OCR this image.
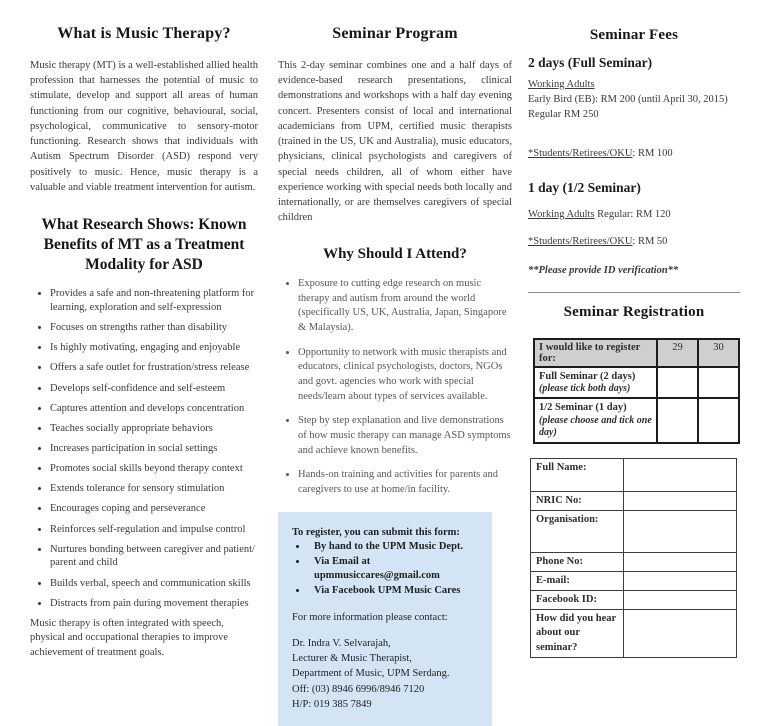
What is Music Therapy?

Music therapy (MT) is a well-established allied health profession that harnesses the potential of music to stimulate, develop and support all areas of human functioning from our cognitive, behavioural, social, psychological, communicative to sensory-motor functioning. Research shows that individuals with Autism Spectrum Disorder (ASD) respond very positively to music. Hence, music therapy is a valuable and viable treatment intervention for autism.

What Research Shows: Known Benefits of MT as a Treatment Modality for ASD
• Provides a safe and non-threatening platform for learning, exploration and self-expression
• Focuses on strengths rather than disability
• Is highly motivating, engaging and enjoyable
• Offers a safe outlet for frustration/stress release
• Develops self-confidence and self-esteem
• Captures attention and develops concentration
• Teaches socially appropriate behaviors
• Increases participation in social settings
• Promotes social skills beyond therapy context
• Extends tolerance for sensory stimulation
• Encourages coping and perseverance
• Reinforces self-regulation and impulse control
• Nurtures bonding between caregiver and patient/ parent and child
• Builds verbal, speech and communication skills
• Distracts from pain during movement therapies

Music therapy is often integrated with speech, physical and occupational therapies to improve achievement of treatment goals.

Seminar Program

This 2-day seminar combines one and a half days of evidence-based research presentations, clinical demonstrations and workshops with a half day evening concert. Presenters consist of local and international academicians from UPM, certified music therapists (trained in the US, UK and Australia), music educators, physicians, clinical psychologists and caregivers of special needs children, all of whom either have experience working with special needs both locally and internationally, or are themselves caregivers of special children

Why Should I Attend?
• Exposure to cutting edge research on music therapy and autism from around the world (specifically US, UK, Australia, Japan, Singapore & Malaysia).
• Opportunity to network with music therapists and educators, clinical psychologists, doctors, NGOs and govt. agencies who work with special needs/learn about types of services available.
• Step by step explanation and live demonstrations of how music therapy can manage ASD symptoms and achieve known benefits.
• Hands-on training and activities for parents and caregivers to use at home/in facility.
To register, you can submit this form:
• By hand to the UPM Music Dept.
• Via Email at upmmusiccares@gmail.com
• Via Facebook UPM Music Cares
For more information please contact:
Dr. Indra V. Selvarajah,
Lecturer & Music Therapist,
Department of Music, UPM Serdang.
Off: (03) 8946 6996/8946 7120
H/P: 019 385 7849
Seminar Fees
2 days (Full Seminar)
Working Adults
Early Bird (EB): RM 200 (until April 30, 2015)
Regular RM 250
*Students/Retirees/OKU: RM 100
1 day (1/2 Seminar)
Working Adults Regular: RM 120
*Students/Retirees/OKU: RM 50
**Please provide ID verification**
Seminar Registration
I would like to register for:	29	30
Full Seminar (2 days)
(please tick both days)		

1/2 Seminar (1 day)
(please choose and tick one day)		

Full Name:	
NRIC No:	
Organisation:	
Phone No:	
E-mail:	
Facebook ID:	
How did you hear about our seminar?	
